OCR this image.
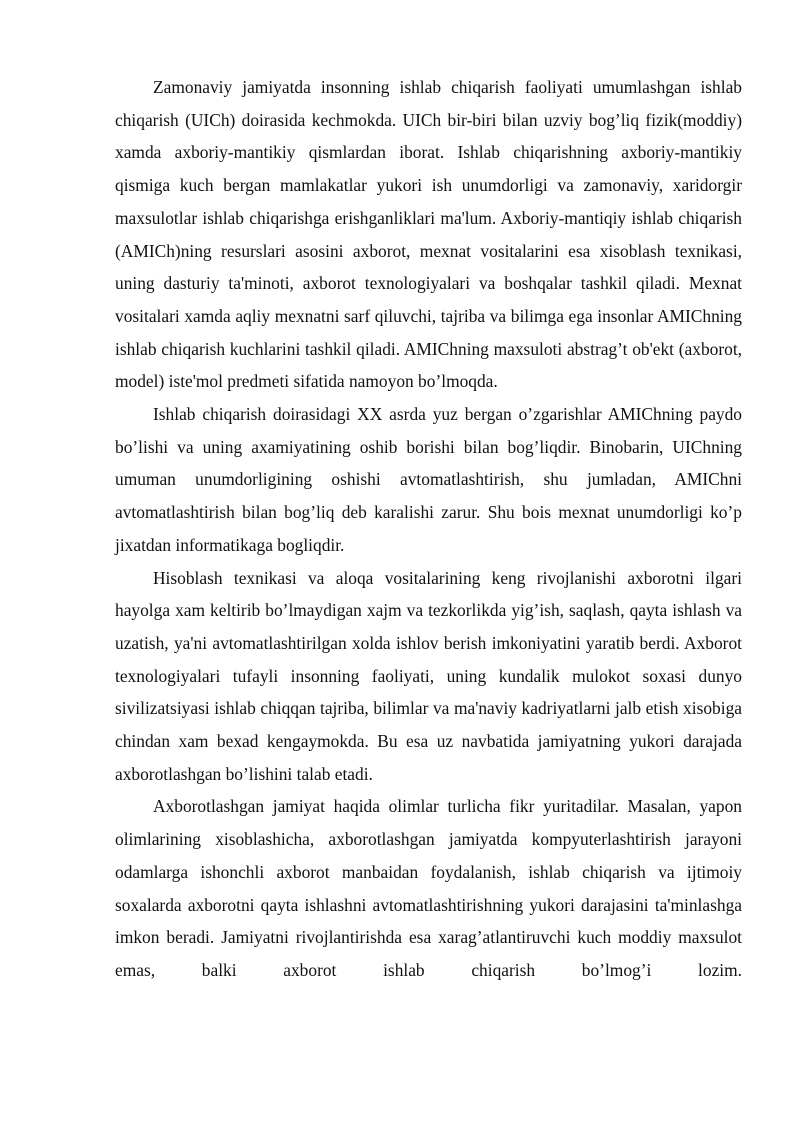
Zamonaviy jamiyatda insonning ishlab chiqarish faoliyati umumlashgan ishlab chiqarish (UICh) doirasida kechmokda. UICh bir-biri bilan uzviy bog’liq fizik(moddiy) xamda axboriy-mantikiy qismlardan iborat. Ishlab chiqarishning axboriy-mantikiy qismiga kuch bergan mamlakatlar yukori ish unumdorligi va zamonaviy, xaridorgir maxsulotlar ishlab chiqarishga erishganliklari ma'lum. Axboriy-mantiqiy ishlab chiqarish (AMICh)ning resurslari asosini axborot, mexnat vositalarini esa xisoblash texnikasi, uning dasturiy ta'minoti, axborot texnologiyalari va boshqalar tashkil qiladi. Mexnat vositalari xamda aqliy mexnatni sarf qiluvchi, tajriba va bilimga ega insonlar AMIChning ishlab chiqarish kuchlarini tashkil qiladi. AMIChning maxsuloti abstrag’t ob'ekt (axborot, model) iste'mol predmeti sifatida namoyon bo’lmoqda.

Ishlab chiqarish doirasidagi XX asrda yuz bergan o’zgarishlar AMIChning paydo bo’lishi va uning axamiyatining oshib borishi bilan bog’liqdir. Binobarin, UIChning umuman unumdorligining oshishi avtomatlashtirish, shu jumladan, AMIChni avtomatlashtirish bilan bog’liq deb karalishi zarur. Shu bois mexnat unumdorligi ko’p jixatdan informatikaga bogliqdir.

Hisoblash texnikasi va aloqa vositalarining keng rivojlanishi axborotni ilgari hayolga xam keltirib bo’lmaydigan xajm va tezkorlikda yig’ish, saqlash, qayta ishlash va uzatish, ya'ni avtomatlashtirilgan xolda ishlov berish imkoniyatini yaratib berdi. Axborot texnologiyalari tufayli insonning faoliyati, uning kundalik mulokot soxasi dunyo sivilizatsiyasi ishlab chiqqan tajriba, bilimlar va ma'naviy kadriyatlarni jalb etish xisobiga chindan xam bexad kengaymokda. Bu esa uz navbatida jamiyatning yukori darajada axborotlashgan bo’lishini talab etadi.

Axborotlashgan jamiyat haqida olimlar turlicha fikr yuritadilar. Masalan, yapon olimlarining xisoblashicha, axborotlashgan jamiyatda kompyuterlashtirish jarayoni odamlarga ishonchli axborot manbaidan foydalanish, ishlab chiqarish va ijtimoiy soxalarda axborotni qayta ishlashni avtomatlashtirishning yukori darajasini ta'minlashga imkon beradi. Jamiyatni rivojlantirishda esa xarag’atlantiruvchi kuch moddiy maxsulot emas, balki axborot ishlab chiqarish bo’lmog’i lozim.
